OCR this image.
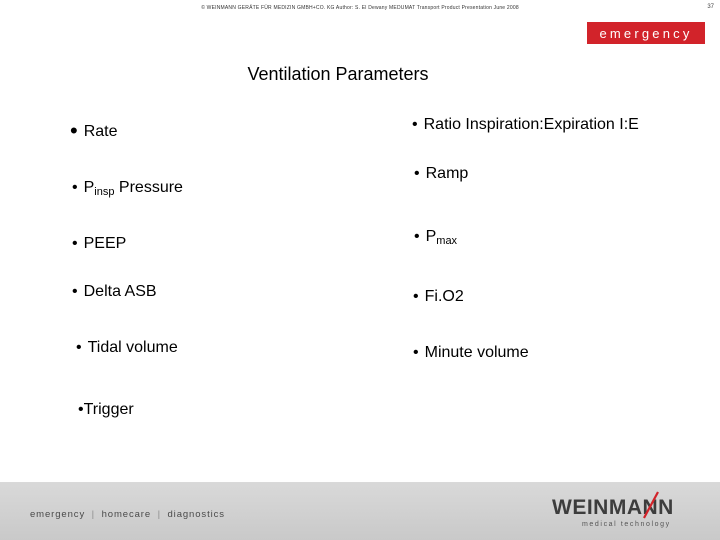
© WEINMANN GERÄTE FÜR MEDIZIN GMBH+CO. KG Author: S. El Dewany MEDUMAT Transport Product Presentation June 2008	37
emergency
Ventilation Parameters
• Rate
• Pinsp Pressure
• PEEP
• Delta ASB
• Tidal volume
•Trigger
• Ratio Inspiration:Expiration I:E
• Ramp
• Pmax
• Fi.O2
• Minute volume
emergency | homecare | diagnostics	WEINMANN
medical technology
